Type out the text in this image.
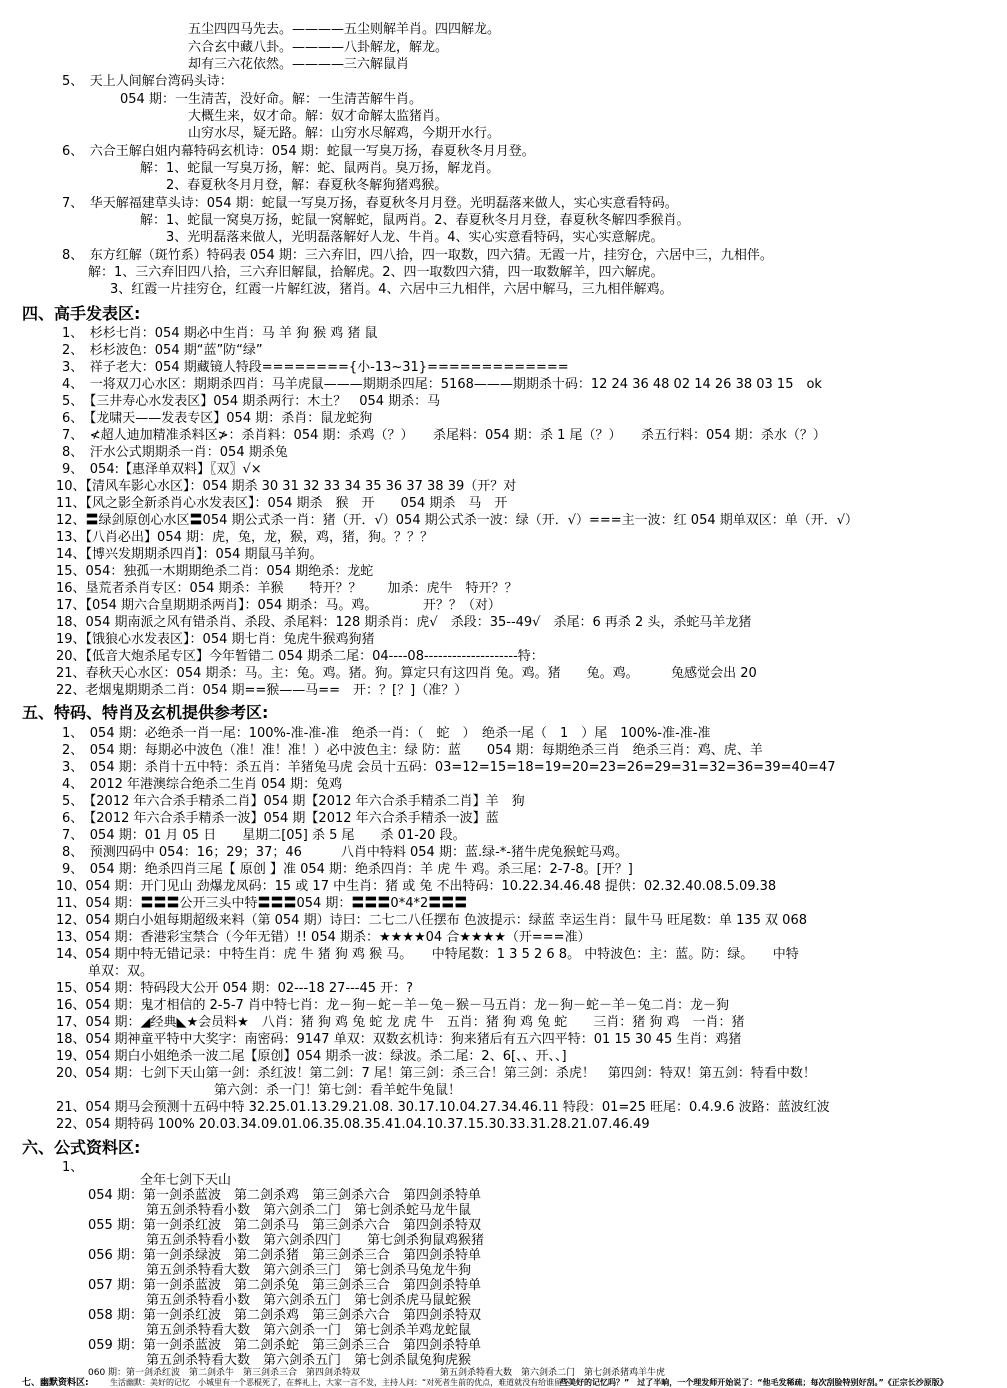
五尘四四马先去。————五尘则解羊肖。四四解龙。
六合玄中藏八卦。————八卦解龙，解龙。
却有三六花依然。————三六解鼠肖
5、　天上人间解台湾码头诗：
054 期：一生清苦，没好命。解：一生清苦解牛肖。
大概生来，奴才命。解：奴才命解太监猪肖。
山穷水尽，疑无路。解：山穷水尽解鸡，今期开水行。
6、　六合王解白姐内幕特码玄机诗：054 期：蛇鼠一写臭万扬，春夏秋冬月月登。
解：1、蛇鼠一写臭万扬，解：蛇、鼠两肖。臭万扬，解龙肖。
2、春夏秋冬月月登，解：春夏秋冬解狗猪鸡猴。
7、　华天解福建草头诗：054 期：蛇鼠一写臭万扬，春夏秋冬月月登。光明磊落来做人，实心实意看特码。
解：1、蛇鼠一窝臭万扬，蛇鼠一窝解蛇，鼠两肖。2、春夏秋冬月月登，春夏秋冬解四季猴肖。
3、光明磊落来做人，光明磊落解好人龙、牛肖。4、实心实意看特码，实心实意解虎。
8、　东方红解（斑竹系）特码表 054 期：三六弃旧，四八拾，四一取数，四六猜。无霞一片，挂穷仓，六居中三，九相伴。
解：1、三六弃旧四八拾，三六弃旧解鼠，拾解虎。2、四一取数四六猜，四一取数解羊，四六解虎。
3、红霞一片挂穷仓，红霞一片解红波，猪肖。4、六居中三九相伴，六居中解马，三九相伴解鸡。
四、高手发表区:
1、　杉杉七肖：054 期必中生肖：马 羊 狗 猴 鸡 猪 鼠
2、　杉杉波色：054 期“蓝”防“绿”
3、　祥子老大：054 期藏镜人特段========{小-13~31}=============
4、　一将双刀心水区：期期杀四肖：马羊虎鼠———期期杀四尾：5168———期期杀十码：12 24 36 48 02 14 26 38 03 15　ok
5、　【三井寿心水发表区】054 期杀两行：木土？　054 期杀：马
6、　【龙啸天——发表专区】054 期：杀肖：鼠龙蛇狗
7、　≮超人迪加精准杀料区≯：杀肖料：054 期：杀鸡（？）　　杀尾料：054 期：杀 1 尾（？）　　杀五行料：054 期：杀水（？）
8、　汗水公式期期杀一肖：054 期杀兔
9、　054:【惠泽单双料】〖双〗√×
10、【清风车影心水区】：054 期杀 30 31 32 33 34 35 36 37 38 39（开？对
11、【风之影全新杀肖心水发表区】：054 期杀　猴　开　　054 期杀　马　开
12、〓绿剑原创心水区〓054 期公式杀一肖：猪（开．√）054 期公式杀一波：绿（开．√）===主一波：红 054 期单双区：单（开．√）
13、【八肖必出】054 期：虎，兔，龙，猴，鸡，猪，狗。？？？
14、【博兴发期期杀四肖】：054 期鼠马羊狗。
15、054：独孤一木期期绝杀二肖：054 期绝杀：龙蛇
16、垦荒者杀肖专区：054 期杀：羊猴　　特开？？　　加杀：虎牛　特开？？
17、【054 期六合皇期期杀两肖】：054 期杀：马。鸡。　　　　开？？（对）
18、054 期南派之风有错杀肖、杀段、杀尾料：128 期杀肖：虎√　杀段：35--49√　杀尾：6 再杀 2 头，杀蛇马羊龙猪
19、【饿狼心水发表区】：054 期七肖：兔虎牛猴鸡狗猪
20、【低音大炮杀尾专区】今年暂错二 054 期杀二尾：04----08--------------------特：
21、春秋天心水区：054 期杀：马。主：兔。鸡。猪。狗。算定只有这四肖 兔。鸡。猪　　兔。鸡。　　　兔感觉会出 20
22、老烟鬼期期杀二肖：054 期==猴——马==　开：？[？]（准？）
五、特码、特肖及玄机提供参考区:
1、　054 期：必绝杀一肖一尾：100%-准-准-准　绝杀一肖：（　蛇　）　绝杀一尾（　1　）尾　100%-准-准-准
2、　054 期：每期必中波色（准！准！准！）必中波色主：绿 防：蓝　　054 期：每期绝杀三肖　绝杀三肖：鸡、虎、羊
3、　054 期：杀肖十五中特：杀五肖：羊猪兔马虎 会员十五码：03=12=15=18=19=20=23=26=29=31=32=36=39=40=47
4、　2012 年港澳综合绝杀二生肖 054 期：兔鸡
5、　【2012 年六合杀手精杀二肖】054 期【2012 年六合杀手精杀二肖】羊　狗
6、　【2012 年六合杀手精杀一波】054 期【2012 年六合杀手精杀一波】蓝
7、　054 期：01 月 05 日　　星期二[05] 杀 5 尾　　杀 01-20 段。
8、　预测四码中 054：16；29；37；46　　　八肖中特料 054 期：蓝.绿-*-猪牛虎兔猴蛇马鸡。
9、　054 期：绝杀四肖三尾【 原创 】准 054 期：绝杀四肖：羊 虎 牛 鸡。杀三尾：2-7-8。[开？]
10、054 期：开门见山 劲爆龙凤码：15 或 17 中生肖：猪 或 兔 不出特码：10.22.34.46.48 提供：02.32.40.08.5.09.38
11、054 期：〓〓〓公开三头中特〓〓〓054 期：〓〓〓0*4*2〓〓〓
12、054 期白小姐每期超级来料（第 054 期）诗曰：二七二八任摆布 色波提示：绿蓝 幸运生肖：鼠牛马 旺尾数：单 135 双 068
13、054 期：香港彩宝禁合（今年无错）!! 054 期杀：★★★★04 合★★★★（开===准）
14、054 期中特无错记录：中特生肖：虎 牛 猪 狗 鸡 猴 马。　　中特尾数：1 3 5 2 6 8。 中特波色：主：蓝。防：绿。　　中特
单双：双。
15、054 期：特码段大公开 054 期：02---18 27---45 开：?
16、054 期：鬼才相信的 2-5-7 肖中特七肖：龙－狗－蛇－羊－兔－猴－马五肖：龙－狗－蛇－羊－兔二肖：龙－狗
17、054 期：◢经典◣★会员料★　八肖：猪 狗 鸡 兔 蛇 龙 虎 牛　五肖：猪 狗 鸡 兔 蛇　　三肖：猪 狗 鸡　一肖：猪
18、054 期神童平特中大奖字：南密码：9147 单双：双数玄机诗：狗来猪后有五六四平特：01 15 30 45 生肖：鸡猪
19、054 期白小姐绝杀一波二尾【原创】054 期杀一波：绿波。杀二尾：2、6[、、开、、]
20、054 期：七剑下天山第一剑：杀红波！第二剑：7 尾！第三剑：杀三合！第三剑：杀虎！　第四剑：特双！第五剑：特看中数！
第六剑：杀一门！第七剑：看羊蛇牛兔鼠！
21、054 期马会预测十五码中特 32.25.01.13.29.21.08. 30.17.10.04.27.34.46.11 特段：01=25 旺尾：0.4.9.6 波路：蓝波红波
22、054 期特码 100% 20.03.34.09.01.06.35.08.35.41.04.10.37.15.30.33.31.28.21.07.46.49
六、公式资料区:
1、
全年七剑下天山
054 期：第一剑杀蓝波　第二剑杀鸡　第三剑杀六合　第四剑杀特单
第五剑杀特看小数　第六剑杀二门　第七剑杀蛇马龙牛鼠
055 期：第一剑杀红波　第二剑杀马　第三剑杀六合　第四剑杀特双
第五剑杀特看小数　第六剑杀四门　　第七剑杀狗鼠鸡猴猪
056 期：第一剑杀绿波　第二剑杀猪　第三剑杀三合　第四剑杀特单
第五剑杀特看大数　第六剑杀三门　第七剑杀马兔龙牛狗
057 期：第一剑杀蓝波　第二剑杀兔　第三剑杀三合　第四剑杀特单
第五剑杀特看小数　第六剑杀五门　第七剑杀虎马鼠蛇猴
058 期：第一剑杀红波　第二剑杀鸡　第三剑杀六合　第四剑杀特双
第五剑杀特看大数　第六剑杀一门　第七剑杀羊鸡龙蛇鼠
059 期：第一剑杀蓝波　第二剑杀蛇　第三剑杀三合　第四剑杀特单
第五剑杀特看大数　第六剑杀五门　第七剑杀鼠兔狗虎猴
060 期：第一剑杀红波　第二剑杀牛　第三剑杀三合　第四剑杀特双	第五剑杀特看大数　第六剑杀二门　第七剑杀猪鸡羊牛虎
七、幽默资料区:	生活幽默：美好的记忆　小城里有一个恶棍死了，在葬礼上，大家一言不发，主持人问：“对死者生前的优点，难道就没有给谁留下一
些美好的记忆吗？”　过了半晌，一个理发师开始说了：“他毛发稀疏；每次刮脸特别好刮。”《正宗长沙原版》
